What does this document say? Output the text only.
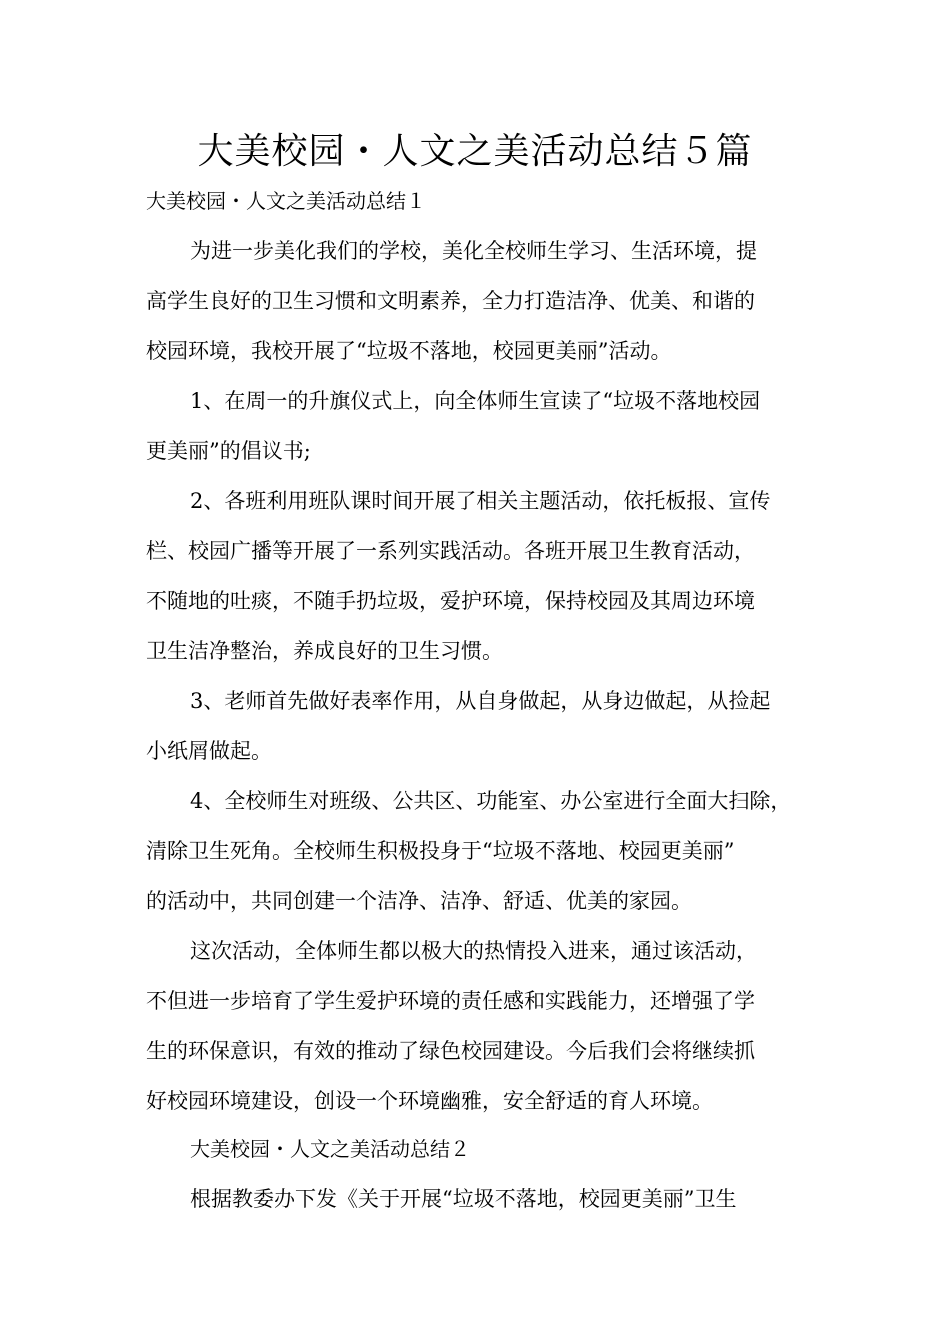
大美校园・人文之美活动总结５篇

大美校园・人文之美活动总结１

为进一步美化我们的学校，美化全校师生学习、生活环境，提

高学生良好的卫生习惯和文明素养，全力打造洁净、优美、和谐的

校园环境，我校开展了“垃圾不落地，校园更美丽”活动。

1、在周一的升旗仪式上，向全体师生宣读了“垃圾不落地校园

更美丽”的倡议书;

2、各班利用班队课时间开展了相关主题活动，依托板报、宣传

栏、校园广播等开展了一系列实践活动。各班开展卫生教育活动，

不随地的吐痰，不随手扔垃圾，爱护环境，保持校园及其周边环境

卫生洁净整治，养成良好的卫生习惯。

3、老师首先做好表率作用，从自身做起，从身边做起，从捡起

小纸屑做起。

4、全校师生对班级、公共区、功能室、办公室进行全面大扫除，

清除卫生死角。全校师生积极投身于“垃圾不落地、校园更美丽”

的活动中，共同创建一个洁净、洁净、舒适、优美的家园。

这次活动，全体师生都以极大的热情投入进来，通过该活动，

不但进一步培育了学生爱护环境的责任感和实践能力，还增强了学

生的环保意识，有效的推动了绿色校园建设。今后我们会将继续抓

好校园环境建设，创设一个环境幽雅，安全舒适的育人环境。

大美校园・人文之美活动总结２

根据教委办下发《关于开展“垃圾不落地，校园更美丽”卫生
